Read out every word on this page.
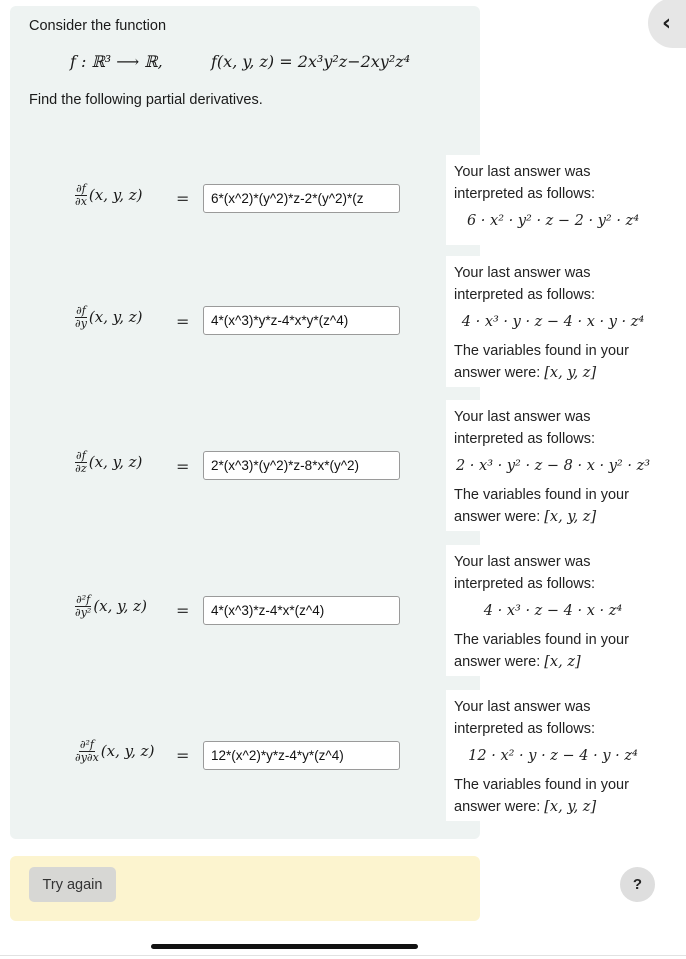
Consider the function
f : ℝ³ ⟶ ℝ,	f(x, y, z) = 2x³y²z−2xy²z⁴
Find the following partial derivatives.
$\frac{\partial f}{\partial x} (x$, y, z) =
6*(x^2)*(y^2)*z-2*(y^2)*(z
Your last answer was
interpreted as follows:
6 · x² · y² · z − 2 · y² · z⁴
$\frac{\partial f}{\partial y} (x$, y, z) =
4*(x^3)*y*z-4*x*y*(z^4)
Your last answer was
interpreted as follows:
4 · x³ · y · z − 4 · x · y · z⁴
The variables found in your
answer were: [x, y, z]
$\frac{\partial f}{\partial z} (x$, y, z) =
2*(x^3)*(y^2)*z-8*x*(y^2)
Your last answer was
interpreted as follows:
2 · x³ · y² · z − 8 · x · y² · z³
The variables found in your
answer were: [x, y, z]
$\frac{\text{∂²f}}{\text{∂y²}} (x$, y, z) =
4*(x^3)*z-4*x*(z^4)
Your last answer was
interpreted as follows:
4 · x³ · z − 4 · x · z⁴
The variables found in your
answer were: [x, z]
$\frac{\text{∂²f}}{\partial y\partial x} (x$, y, z) =
12*(x^2)*y*z-4*y*(z^4)
Your last answer was
interpreted as follows:
12 · x² · y · z − 4 · y · z⁴
The variables found in your
answer were: [x, y, z]
Try again	?
‹
